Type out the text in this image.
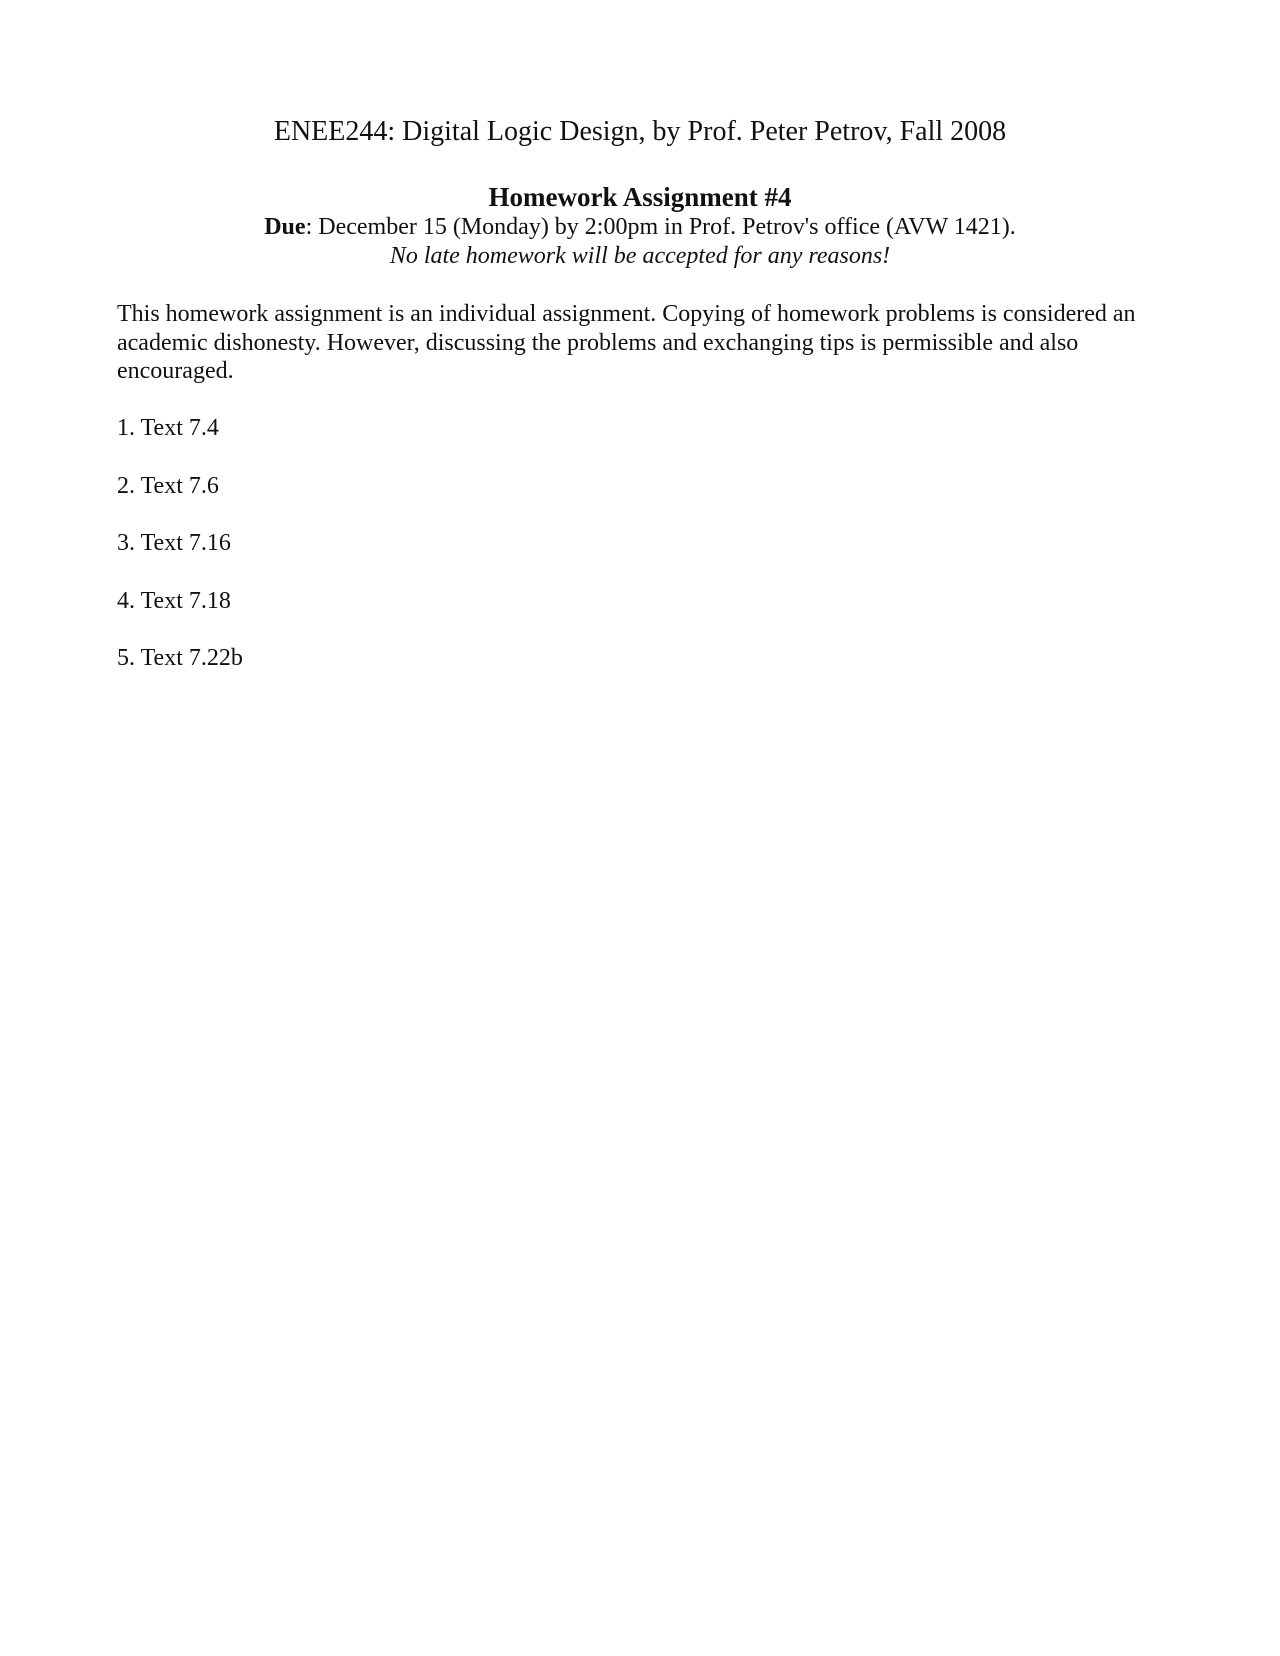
ENEE244: Digital Logic Design, by Prof. Peter Petrov, Fall 2008
Homework Assignment #4
Due: December 15 (Monday) by 2:00pm in Prof. Petrov's office (AVW 1421).
No late homework will be accepted for any reasons!

This homework assignment is an individual assignment. Copying of homework problems is considered an academic dishonesty. However, discussing the problems and exchanging tips is permissible and also encouraged.

1. Text 7.4
2. Text 7.6
3. Text 7.16
4. Text 7.18
5. Text 7.22b
